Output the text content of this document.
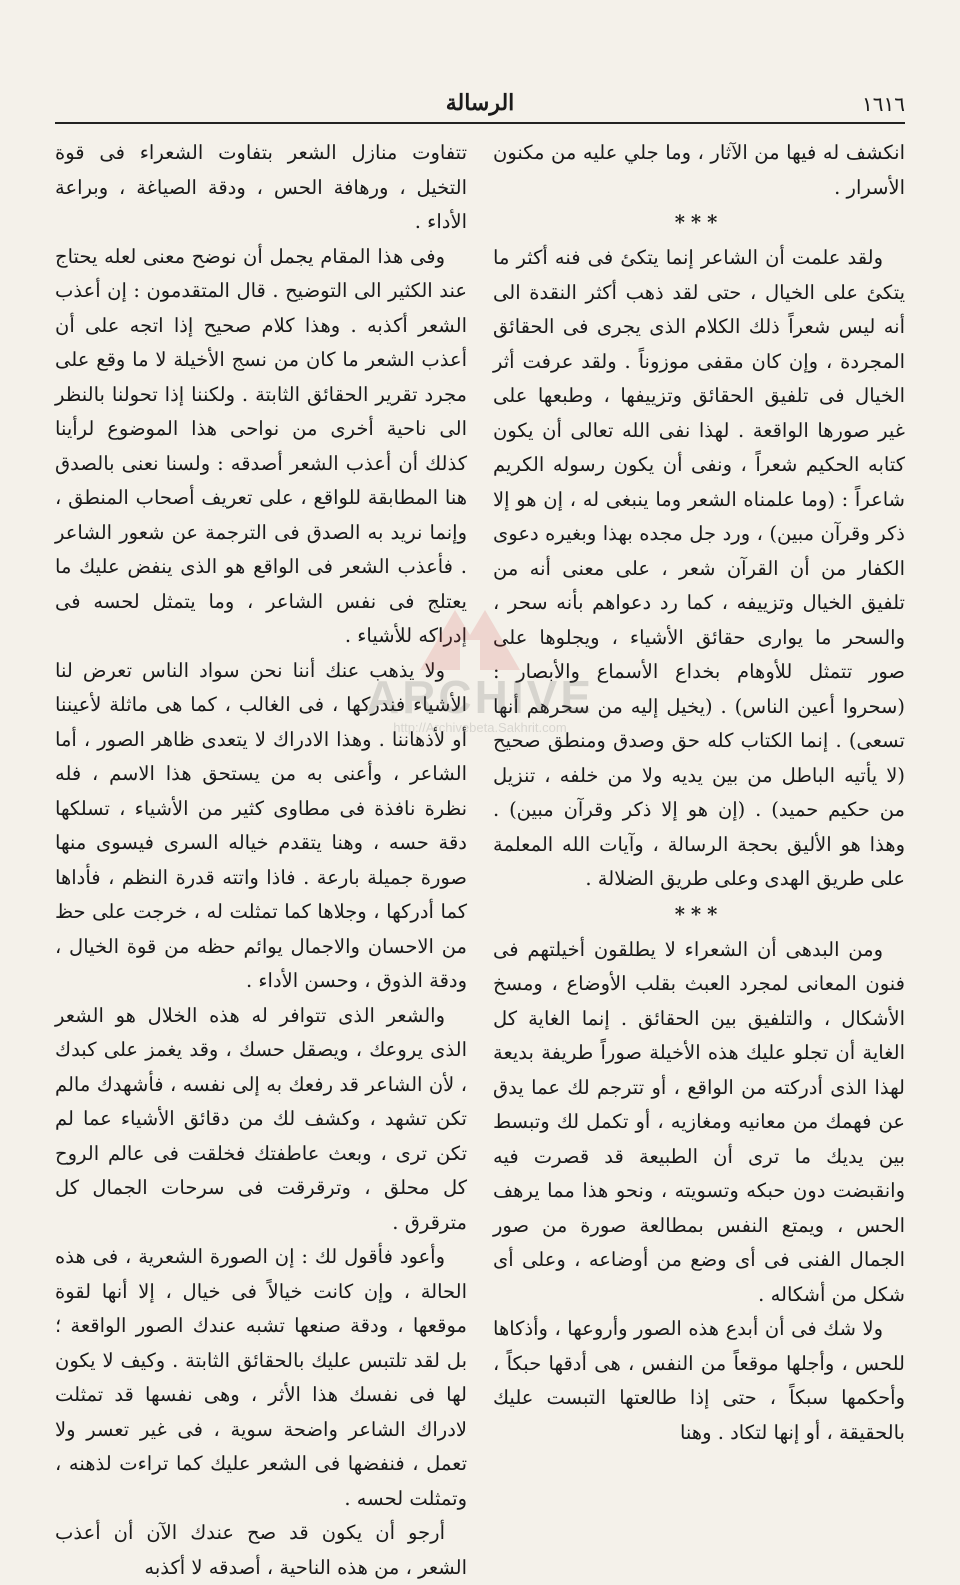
١٦١٦
الرسالة

انكشف له فيها من الآثار ، وما جلي عليه من مكنون الأسرار .

***

ولقد علمت أن الشاعر إنما يتكئ فى فنه أكثر ما يتكئ على الخيال ، حتى لقد ذهب أكثر النقدة الى أنه ليس شعراً ذلك الكلام الذى يجرى فى الحقائق المجردة ، وإن كان مقفى موزوناً . ولقد عرفت أثر الخيال فى تلفيق الحقائق وتزييفها ، وطبعها على غير صورها الواقعة . لهذا نفى الله تعالى أن يكون كتابه الحكيم شعراً ، ونفى أن يكون رسوله الكريم شاعراً : (وما علمناه الشعر وما ينبغى له ، إن هو إلا ذكر وقرآن مبين) ، ورد جل مجده بهذا وبغيره دعوى الكفار من أن القرآن شعر ، على معنى أنه من تلفيق الخيال وتزييفه ، كما رد دعواهم بأنه سحر ، والسحر ما يوارى حقائق الأشياء ، ويجلوها على صور تتمثل للأوهام بخداع الأسماع والأبصار : (سحروا أعين الناس) . (يخيل إليه من سحرهم أنها تسعى) . إنما الكتاب كله حق وصدق ومنطق صحيح (لا يأتيه الباطل من بين يديه ولا من خلفه ، تنزيل من حكيم حميد) . (إن هو إلا ذكر وقرآن مبين) . وهذا هو الأليق بحجة الرسالة ، وآيات الله المعلمة على طريق الهدى وعلى طريق الضلالة .

***

ومن البدهى أن الشعراء لا يطلقون أخيلتهم فى فنون المعانى لمجرد العبث بقلب الأوضاع ، ومسخ الأشكال ، والتلفيق بين الحقائق . إنما الغاية كل الغاية أن تجلو عليك هذه الأخيلة صوراً طريفة بديعة لهذا الذى أدركته من الواقع ، أو تترجم لك عما يدق عن فهمك من معانيه ومغازيه ، أو تكمل لك وتبسط بين يديك ما ترى أن الطبيعة قد قصرت فيه وانقبضت دون حبكه وتسويته ، ونحو هذا مما يرهف الحس ، ويمتع النفس بمطالعة صورة من صور الجمال الفنى فى أى وضع من أوضاعه ، وعلى أى شكل من أشكاله .

ولا شك فى أن أبدع هذه الصور وأروعها ، وأذكاها للحس ، وأجلها موقعاً من النفس ، هى أدقها حبكاً ، وأحكمها سبكاً ، حتى إذا طالعتها التبست عليك بالحقيقة ، أو إنها لتكاد . وهنا

تتفاوت منازل الشعر بتفاوت الشعراء فى قوة التخيل ، ورهافة الحس ، ودقة الصياغة ، وبراعة الأداء .

وفى هذا المقام يجمل أن نوضح معنى لعله يحتاج عند الكثير الى التوضيح . قال المتقدمون : إن أعذب الشعر أكذبه . وهذا كلام صحيح إذا اتجه على أن أعذب الشعر ما كان من نسج الأخيلة لا ما وقع على مجرد تقرير الحقائق الثابتة . ولكننا إذا تحولنا بالنظر الى ناحية أخرى من نواحى هذا الموضوع لرأينا كذلك أن أعذب الشعر أصدقه : ولسنا نعنى بالصدق هنا المطابقة للواقع ، على تعريف أصحاب المنطق ، وإنما نريد به الصدق فى الترجمة عن شعور الشاعر . فأعذب الشعر فى الواقع هو الذى ينفض عليك ما يعتلج فى نفس الشاعر ، وما يتمثل لحسه فى إدراكه للأشياء .

ولا يذهب عنك أننا نحن سواد الناس تعرض لنا الأشياء فندركها ، فى الغالب ، كما هى ماثلة لأعيننا أو لأذهاننا . وهذا الادراك لا يتعدى ظاهر الصور ، أما الشاعر ، وأعنى به من يستحق هذا الاسم ، فله نظرة نافذة فى مطاوى كثير من الأشياء ، تسلكها دقة حسه ، وهنا يتقدم خياله السرى فيسوى منها صورة جميلة بارعة . فاذا واتته قدرة النظم ، فأداها كما أدركها ، وجلاها كما تمثلت له ، خرجت على حظ من الاحسان والاجمال يوائم حظه من قوة الخيال ، ودقة الذوق ، وحسن الأداء .

والشعر الذى تتوافر له هذه الخلال هو الشعر الذى يروعك ، ويصقل حسك ، وقد يغمز على كبدك ، لأن الشاعر قد رفعك به إلى نفسه ، فأشهدك مالم تكن تشهد ، وكشف لك من دقائق الأشياء عما لم تكن ترى ، وبعث عاطفتك فخلقت فى عالم الروح كل محلق ، وترقرقت فى سرحات الجمال كل مترقرق .

وأعود فأقول لك : إن الصورة الشعرية ، فى هذه الحالة ، وإن كانت خيالاً فى خيال ، إلا أنها لقوة موقعها ، ودقة صنعها تشبه عندك الصور الواقعة ؛ بل لقد تلتبس عليك بالحقائق الثابتة . وكيف لا يكون لها فى نفسك هذا الأثر ، وهى نفسها قد تمثلت لادراك الشاعر واضحة سوية ، فى غير تعسر ولا تعمل ، فنفضها فى الشعر عليك كما تراءت لذهنه ، وتمثلت لحسه .

أرجو أن يكون قد صح عندك الآن أن أعذب الشعر ، من هذه الناحية ، أصدقه لا أكذبه

ARCHIVE
http://Archivebeta.Sakhrit.com
